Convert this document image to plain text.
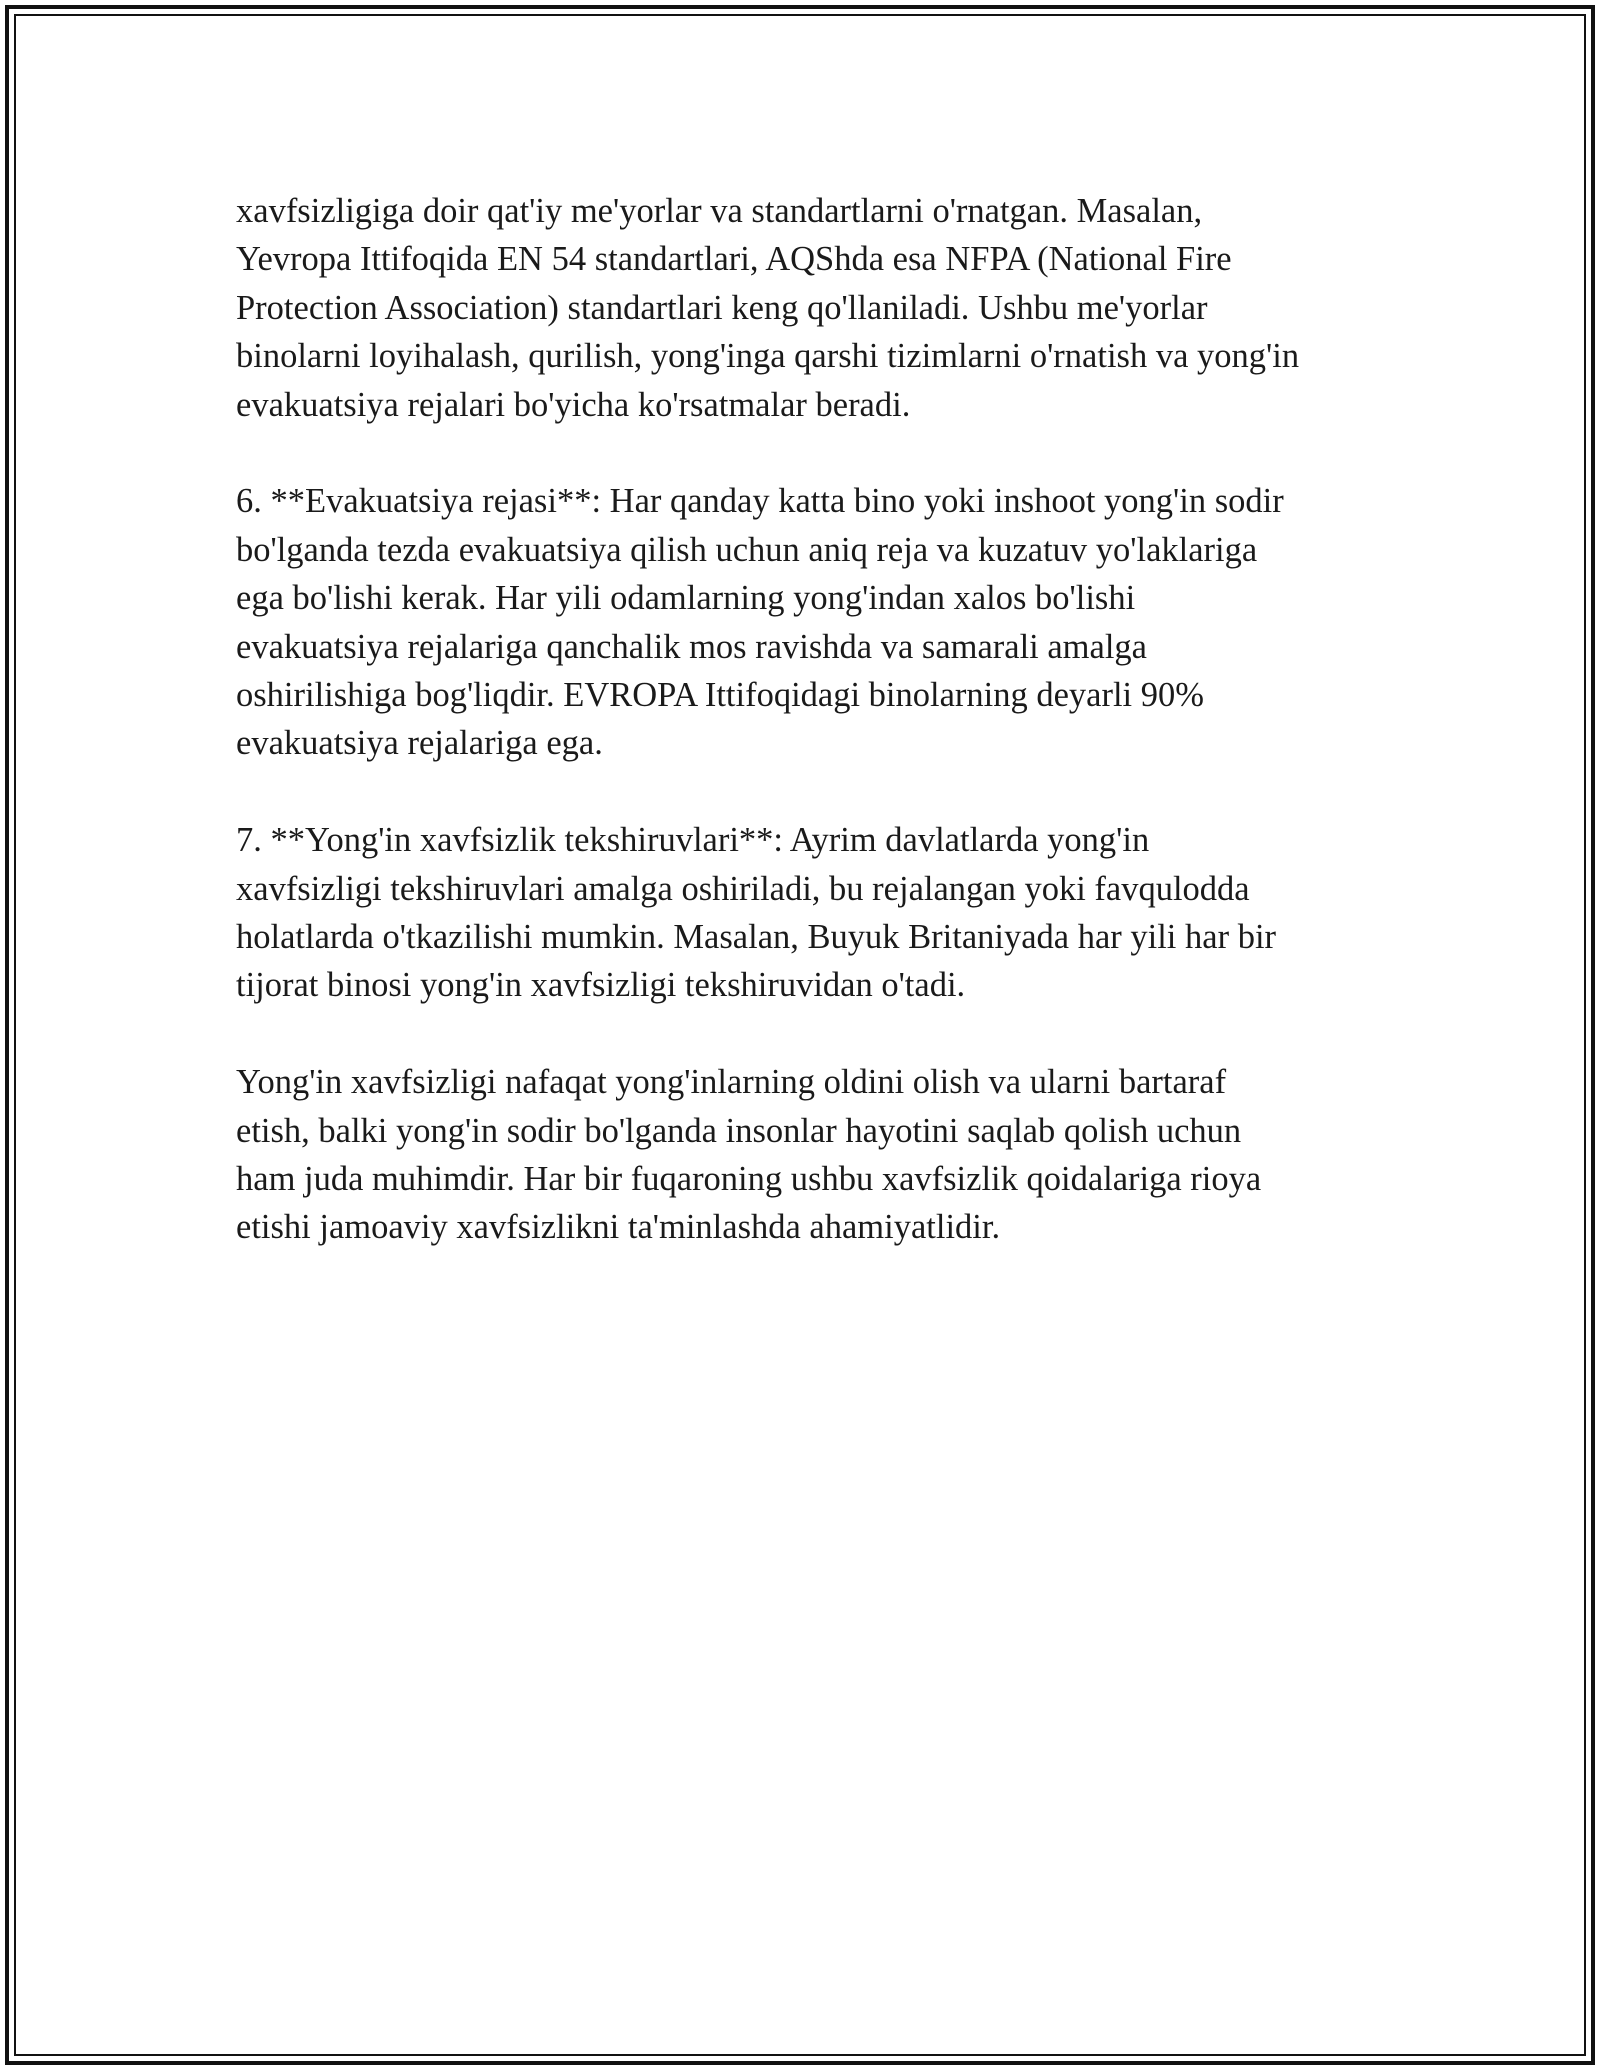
xavfsizligiga doir qat'iy me'yorlar va standartlarni o'rnatgan. Masalan,
Yevropa Ittifoqida EN 54 standartlari, AQShda esa NFPA (National Fire
Protection Association) standartlari keng qo'llaniladi. Ushbu me'yorlar
binolarni loyihalash, qurilish, yong'inga qarshi tizimlarni o'rnatish va yong'in
evakuatsiya rejalari bo'yicha ko'rsatmalar beradi.

6. **Evakuatsiya rejasi**: Har qanday katta bino yoki inshoot yong'in sodir
bo'lganda tezda evakuatsiya qilish uchun aniq reja va kuzatuv yo'laklariga
ega bo'lishi kerak. Har yili odamlarning yong'indan xalos bo'lishi
evakuatsiya rejalariga qanchalik mos ravishda va samarali amalga
oshirilishiga bog'liqdir. EVROPA Ittifoqidagi binolarning deyarli 90%
evakuatsiya rejalariga ega.

7. **Yong'in xavfsizlik tekshiruvlari**: Ayrim davlatlarda yong'in
xavfsizligi tekshiruvlari amalga oshiriladi, bu rejalangan yoki favqulodda
holatlarda o'tkazilishi mumkin. Masalan, Buyuk Britaniyada har yili har bir
tijorat binosi yong'in xavfsizligi tekshiruvidan o'tadi.

Yong'in xavfsizligi nafaqat yong'inlarning oldini olish va ularni bartaraf
etish, balki yong'in sodir bo'lganda insonlar hayotini saqlab qolish uchun
ham juda muhimdir. Har bir fuqaroning ushbu xavfsizlik qoidalariga rioya
etishi jamoaviy xavfsizlikni ta'minlashda ahamiyatlidir.
